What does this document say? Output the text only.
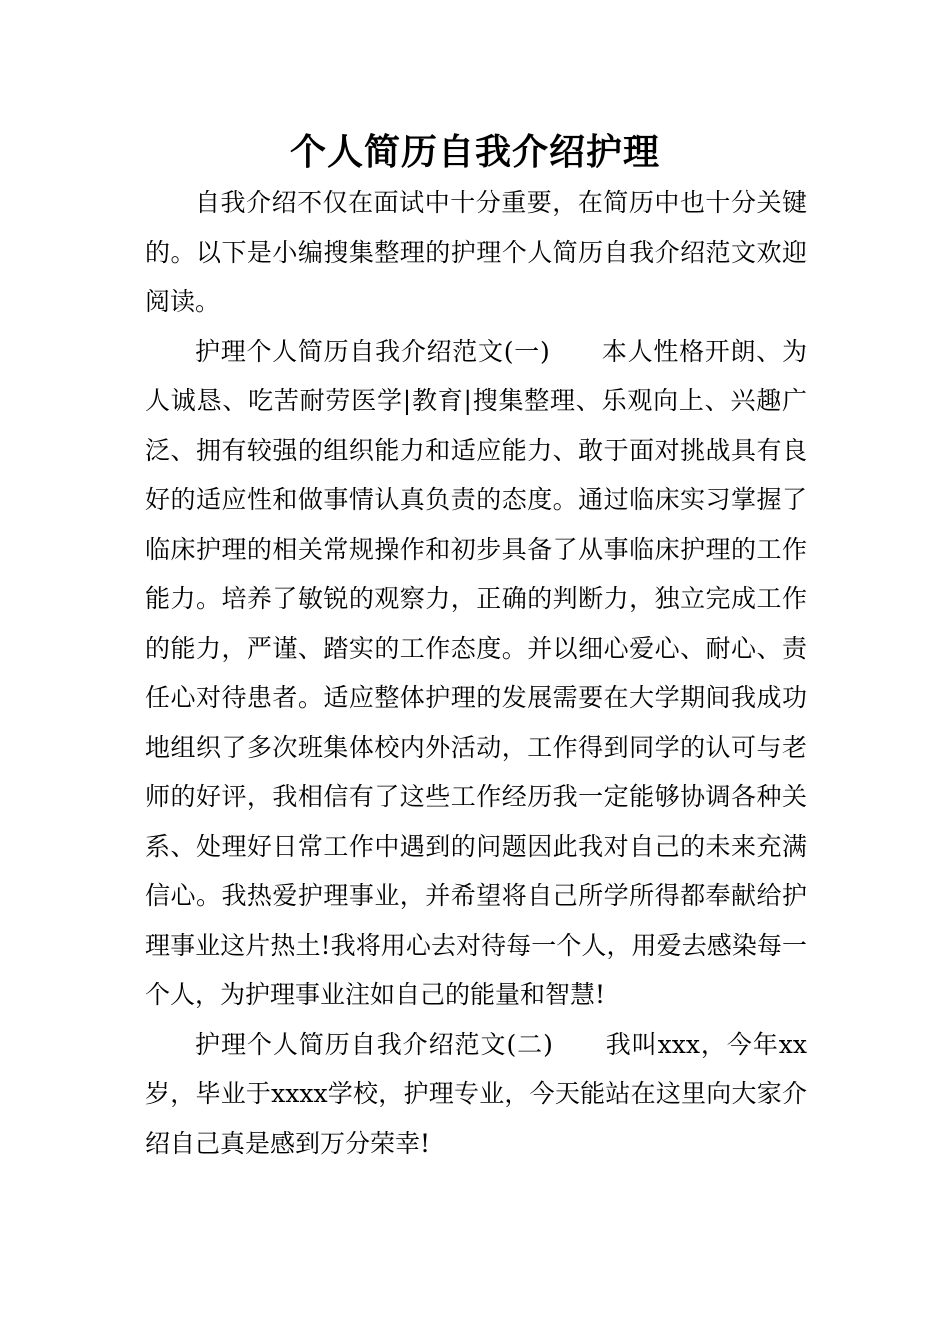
个人简历自我介绍护理

自我介绍不仅在面试中十分重要，在简历中也十分关键的。以下是小编搜集整理的护理个人简历自我介绍范文欢迎阅读。

护理个人简历自我介绍范文(一)　　本人性格开朗、为人诚恳、吃苦耐劳医学|教育|搜集整理、乐观向上、兴趣广泛、拥有较强的组织能力和适应能力、敢于面对挑战具有良好的适应性和做事情认真负责的态度。通过临床实习掌握了临床护理的相关常规操作和初步具备了从事临床护理的工作能力。培养了敏锐的观察力，正确的判断力，独立完成工作的能力，严谨、踏实的工作态度。并以细心爱心、耐心、责任心对待患者。适应整体护理的发展需要在大学期间我成功地组织了多次班集体校内外活动，工作得到同学的认可与老师的好评，我相信有了这些工作经历我一定能够协调各种关系、处理好日常工作中遇到的问题因此我对自己的未来充满信心。我热爱护理事业，并希望将自己所学所得都奉献给护理事业这片热土!我将用心去对待每一个人，用爱去感染每一个人，为护理事业注如自己的能量和智慧!

护理个人简历自我介绍范文(二)　　我叫xxx，今年xx岁，毕业于xxxx学校，护理专业，今天能站在这里向大家介绍自己真是感到万分荣幸!
